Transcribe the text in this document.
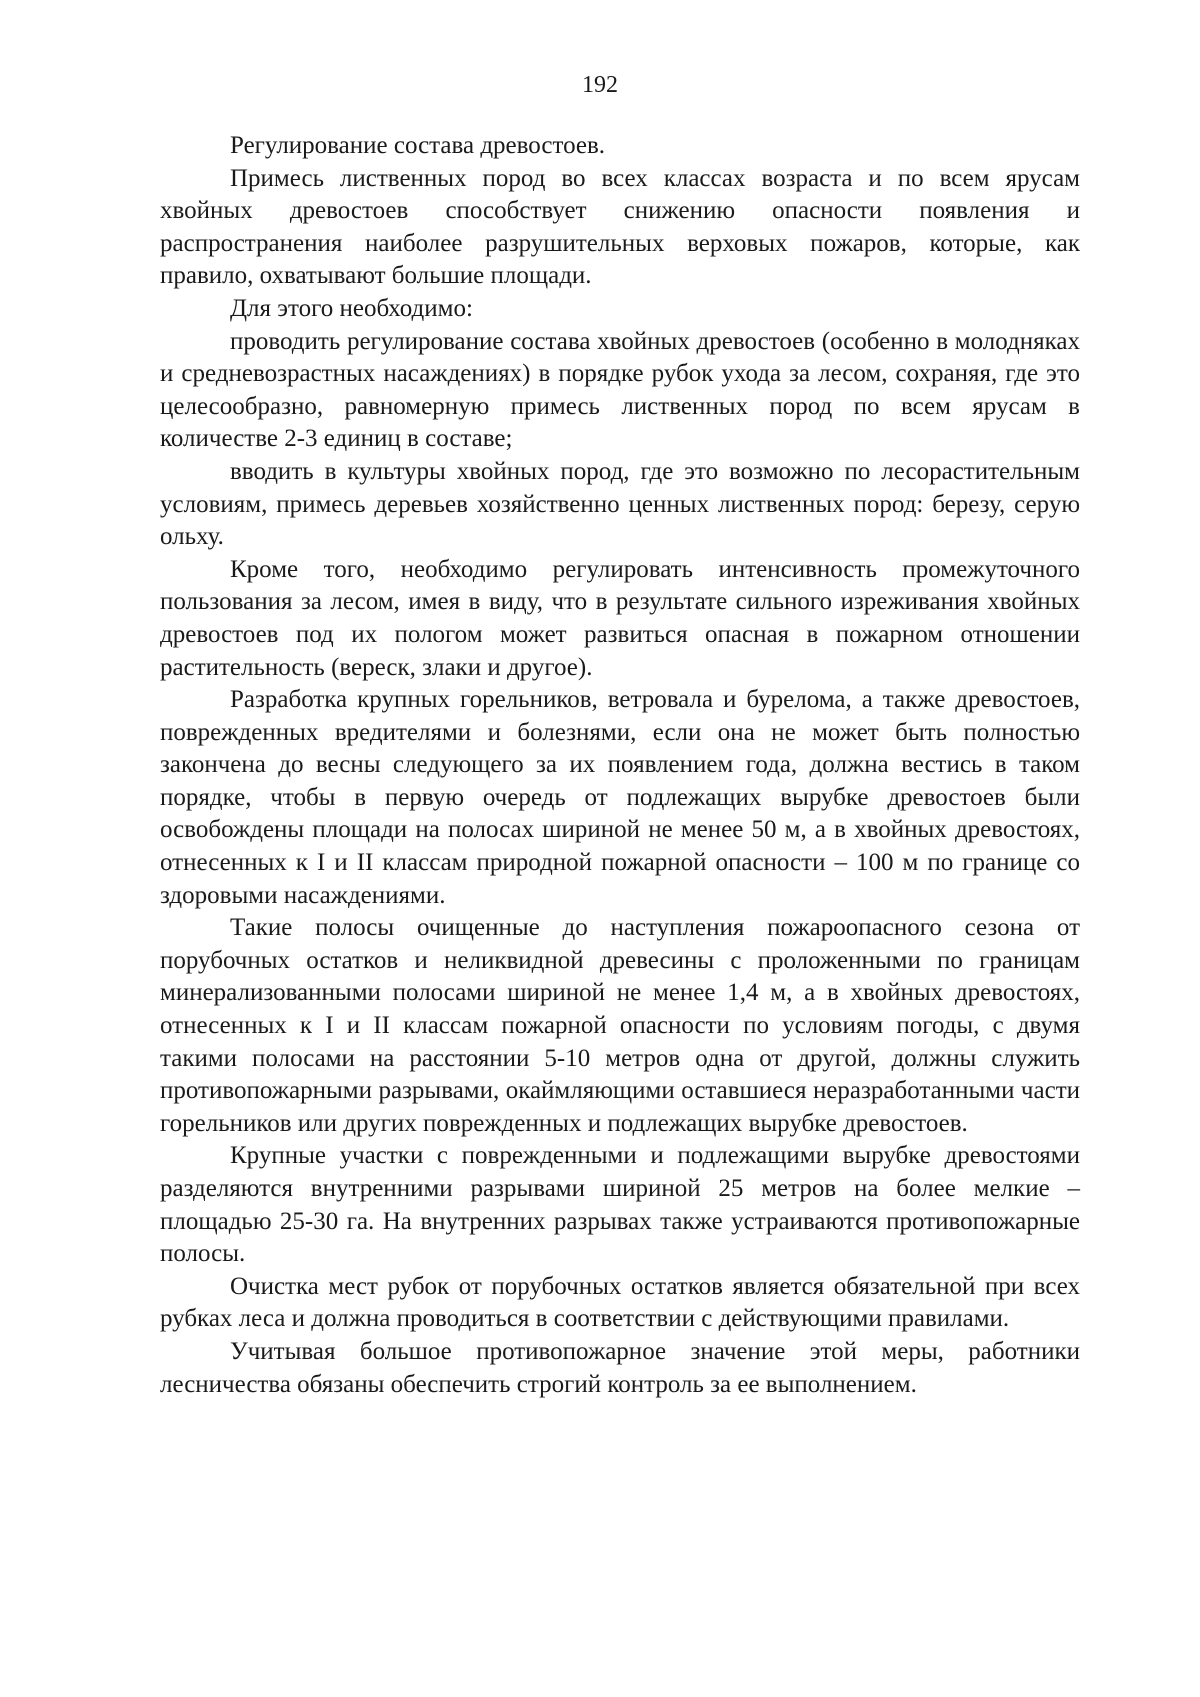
192

Регулирование состава древостоев.

Примесь лиственных пород во всех классах возраста и по всем ярусам хвойных древостоев способствует снижению опасности появления и распространения наиболее разрушительных верховых пожаров, которые, как правило, охватывают большие площади.

Для этого необходимо:

проводить регулирование состава хвойных древостоев (особенно в молодняках и средневозрастных насаждениях) в порядке рубок ухода за лесом, сохраняя, где это целесообразно, равномерную примесь лиственных пород по всем ярусам в количестве 2-3 единиц в составе;

вводить в культуры хвойных пород, где это возможно по лесорастительным условиям, примесь деревьев хозяйственно ценных лиственных пород: березу, серую ольху.

Кроме того, необходимо регулировать интенсивность промежуточного пользования за лесом, имея в виду, что в результате сильного изреживания хвойных древостоев под их пологом может развиться опасная в пожарном отношении растительность (вереск, злаки и другое).

Разработка крупных горельников, ветровала и бурелома, а также древостоев, поврежденных вредителями и болезнями, если она не может быть полностью закончена до весны следующего за их появлением года, должна вестись в таком порядке, чтобы в первую очередь от подлежащих вырубке древостоев были освобождены площади на полосах шириной не менее 50 м, а в хвойных древостоях, отнесенных к I и II классам природной пожарной опасности – 100 м по границе со здоровыми насаждениями.

Такие полосы очищенные до наступления пожароопасного сезона от порубочных остатков и неликвидной древесины с проложенными по границам минерализованными полосами шириной не менее 1,4 м, а в хвойных древостоях, отнесенных к I и II классам пожарной опасности по условиям погоды, с двумя такими полосами на расстоянии 5-10 метров одна от другой, должны служить противопожарными разрывами, окаймляющими оставшиеся неразработанными части горельников или других поврежденных и подлежащих вырубке древостоев.

Крупные участки с поврежденными и подлежащими вырубке древостоями разделяются внутренними разрывами шириной 25 метров на более мелкие – площадью 25-30 га. На внутренних разрывах также устраиваются противопожарные полосы.

Очистка мест рубок от порубочных остатков является обязательной при всех рубках леса и должна проводиться в соответствии с действующими правилами.

Учитывая большое противопожарное значение этой меры, работники лесничества обязаны обеспечить строгий контроль за ее выполнением.
